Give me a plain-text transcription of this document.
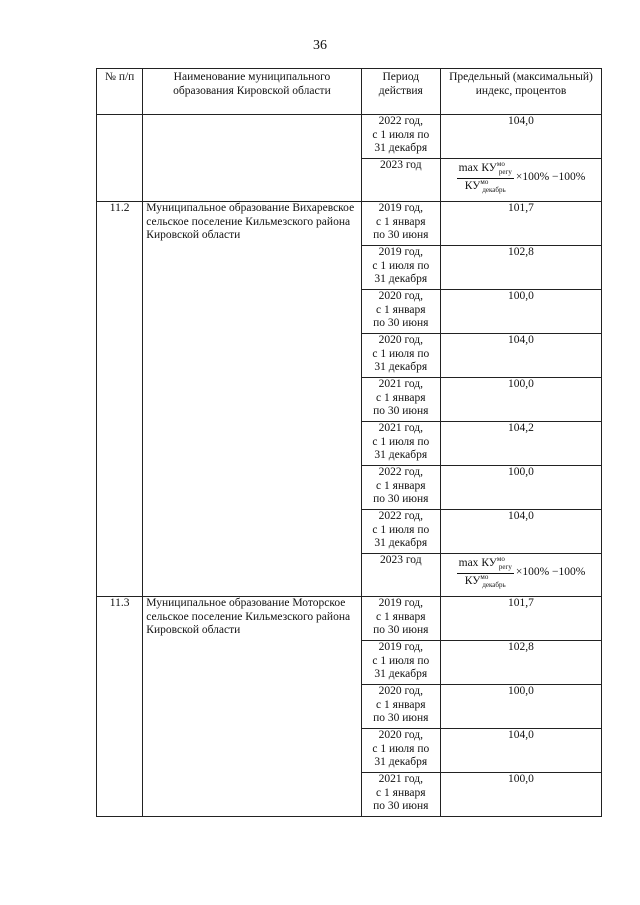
36
№ п/п	Наименование муниципального образования Кировской области	Период действия	Предельный (максимальный) индекс, процентов

		2022 год,
с 1 июля по
31 декабря	104,0

		2023 год	$\frac{\max КУ^{мо}_{регу}}{КУ^{мо}_{декабрь}} \times 100\% -100\%$

11.2	Муниципальное образование Вихаревское сельское поселение Кильмезского района Кировской области	2019 год,
с 1 января
по 30 июня	101,7

		2019 год,
с 1 июля по
31 декабря	102,8

		2020 год,
с 1 января
по 30 июня	100,0

		2020 год,
с 1 июля по
31 декабря	104,0

		2021 год,
с 1 января
по 30 июня	100,0

		2021 год,
с 1 июля по
31 декабря	104,2

		2022 год,
с 1 января
по 30 июня	100,0

		2022 год,
с 1 июля по
31 декабря	104,0

		2023 год	$\frac{\max КУ^{мо}_{регу}}{КУ^{мо}_{декабрь}} \times 100\% -100\%$

11.3	Муниципальное образование Моторское сельское поселение Кильмезского района Кировской области	2019 год,
с 1 января
по 30 июня	101,7

		2019 год,
с 1 июля по
31 декабря	102,8

		2020 год,
с 1 января
по 30 июня	100,0

		2020 год,
с 1 июля по
31 декабря	104,0

		2021 год,
с 1 января
по 30 июня	100,0
